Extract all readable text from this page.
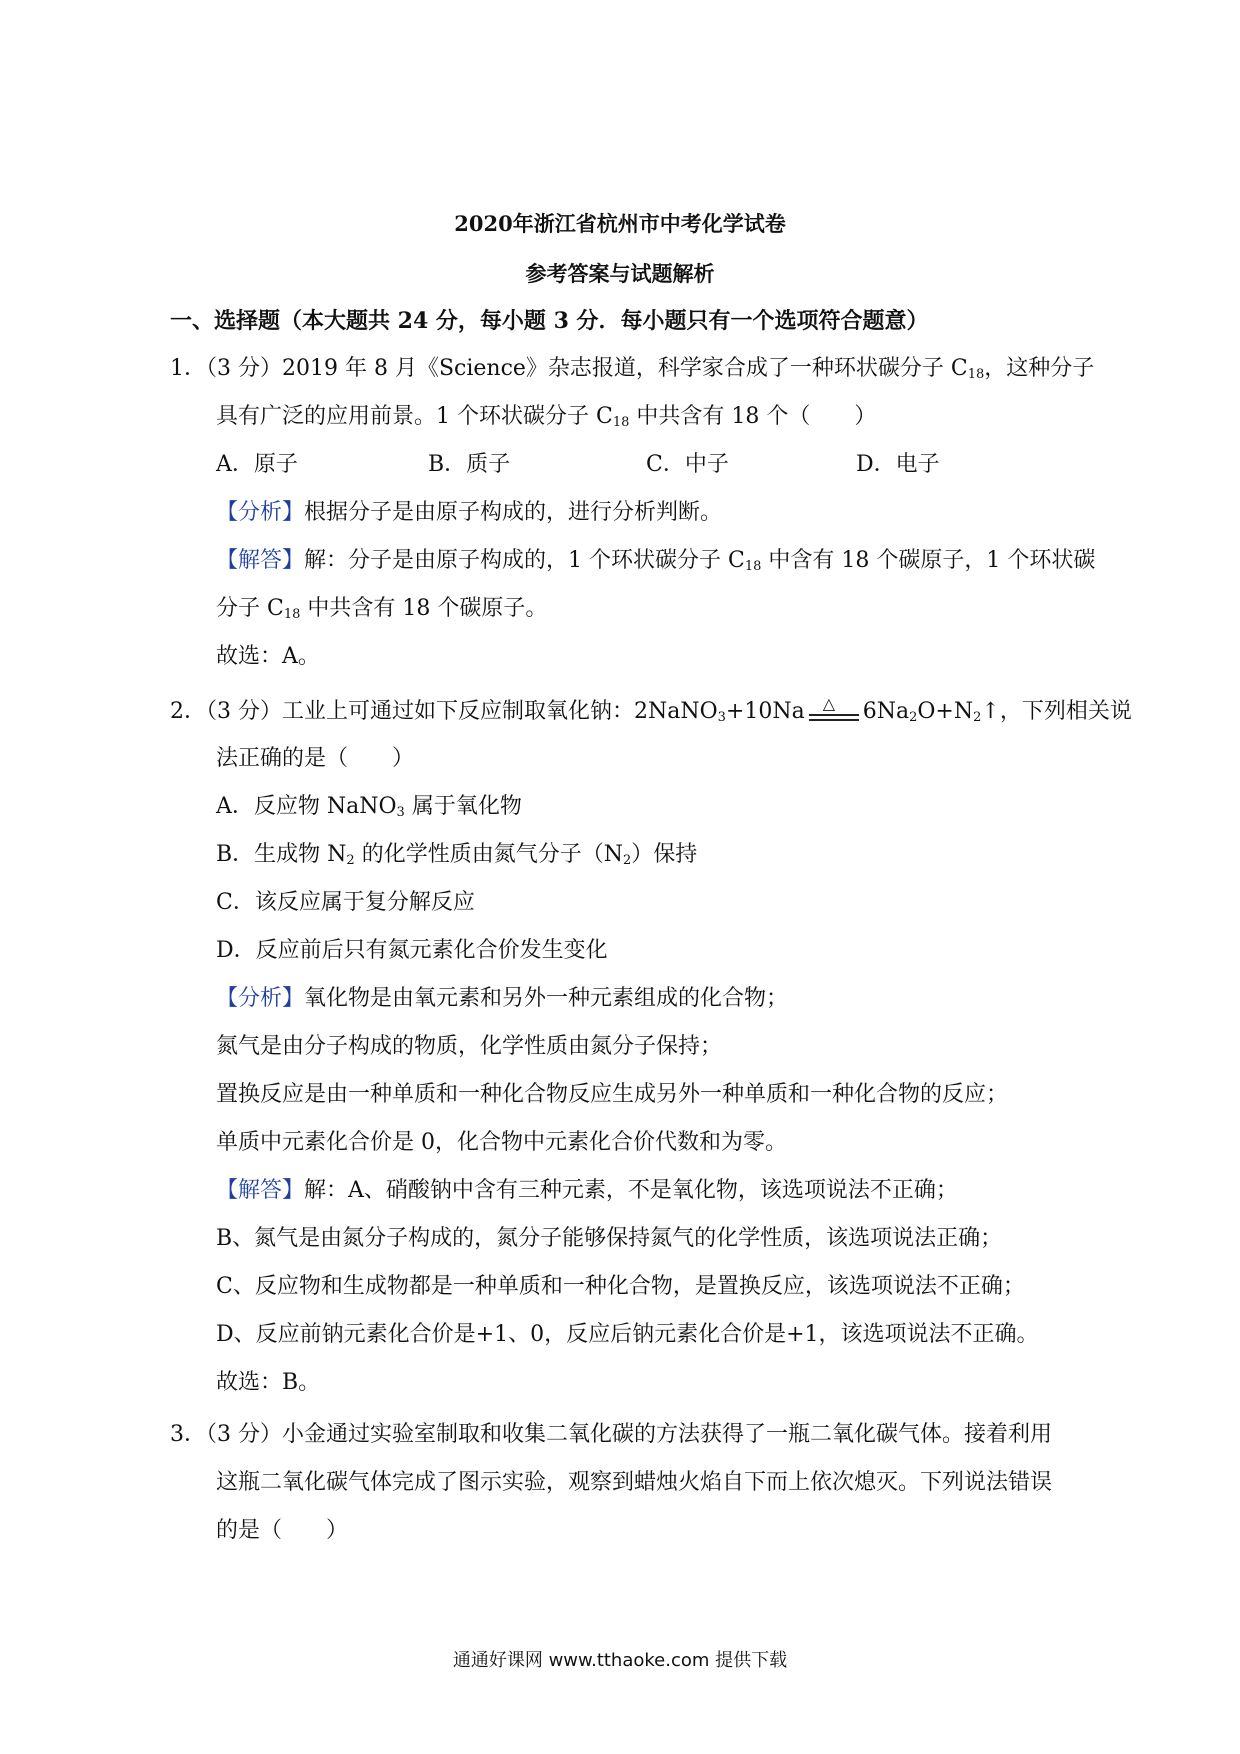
2020年浙江省杭州市中考化学试卷
参考答案与试题解析
一、选择题（本大题共 24 分，每小题 3 分．每小题只有一个选项符合题意）
1．（3 分）2019 年 8 月《Science》杂志报道，科学家合成了一种环状碳分子 $C_{18}$，这种分子
具有广泛的应用前景。1 个环状碳分子 $C_{18}$ 中共含有 18 个（　　）
A．原子	B．质子	C．中子	D．电子
【分析】根据分子是由原子构成的，进行分析判断。
【解答】解：分子是由原子构成的，1 个环状碳分子 $C_{18}$ 中含有 18 个碳原子，1 个环状碳
分子 $C_{18}$ 中共含有 18 个碳原子。
故选：A。
2．（3 分）工业上可通过如下反应制取氧化钠：2NaNO$_3$+10Na △ $6Na_2O+N_2↑$，下列相关说
法正确的是（　　）
A．反应物 NaNO$_3$ 属于氧化物
B．生成物 $N_2$ 的化学性质由氮气分子$(N_2)$保持
C．该反应属于复分解反应
D．反应前后只有氮元素化合价发生变化
【分析】氧化物是由氧元素和另外一种元素组成的化合物；
氮气是由分子构成的物质，化学性质由氮分子保持；
置换反应是由一种单质和一种化合物反应生成另外一种单质和一种化合物的反应；
单质中元素化合价是 0，化合物中元素化合价代数和为零。
【解答】解：A、硝酸钠中含有三种元素，不是氧化物，该选项说法不正确；
B、氮气是由氮分子构成的，氮分子能够保持氮气的化学性质，该选项说法正确；
C、反应物和生成物都是一种单质和一种化合物，是置换反应，该选项说法不正确；
D、反应前钠元素化合价是+1、0，反应后钠元素化合价是+1，该选项说法不正确。
故选：B。
3．（3 分）小金通过实验室制取和收集二氧化碳的方法获得了一瓶二氧化碳气体。接着利用
这瓶二氧化碳气体完成了图示实验，观察到蜡烛火焰自下而上依次熄灭。下列说法错误
的是（　　）
通通好课网 www.tthaoke.com 提供下载
